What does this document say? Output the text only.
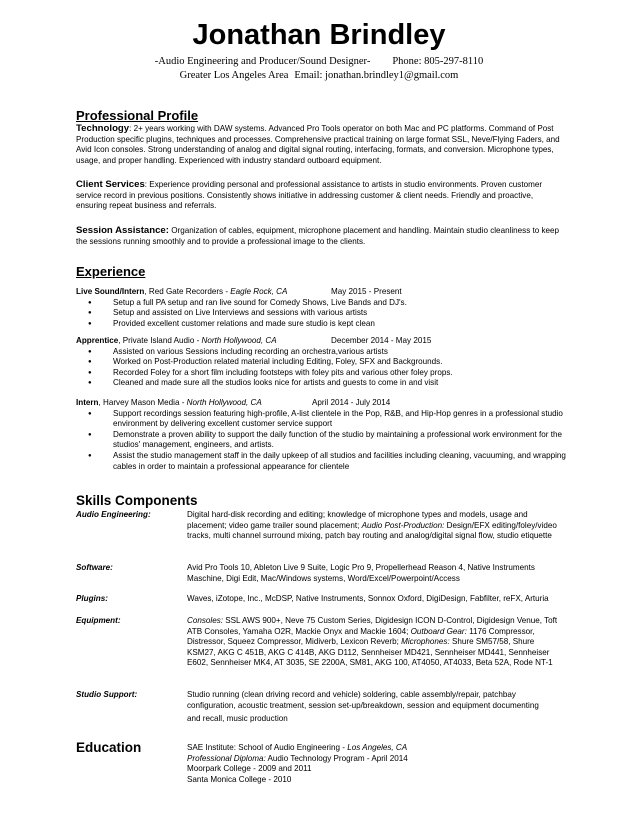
Jonathan Brindley
-Audio Engineering and Producer/Sound Designer- Phone: 805-297-8110
Greater Los Angeles Area Email: jonathan.brindley1@gmail.com
Professional Profile

Technology: 2+ years working with DAW systems. Advanced Pro Tools operator on both Mac and PC platforms. Command of Post Production specific plugins, techniques and processes. Comprehensive practical training on large format SSL, Neve/Flying Faders, and Avid Icon consoles. Strong understanding of analog and digital signal routing, interfacing, formats, and conversion. Microphone types, usage, and proper handling. Experienced with industry standard outboard equipment.

Client Services: Experience providing personal and professional assistance to artists in studio environments. Proven customer service record in previous positions. Consistently shows initiative in addressing customer & client needs. Friendly and proactive, ensuring repeat business and referrals.

Session Assistance: Organization of cables, equipment, microphone placement and handling. Maintain studio cleanliness to keep the sessions running smoothly and to provide a professional image to the clients.

Experience
Live Sound/Intern, Red Gate Recorders - Eagle Rock, CA	May 2015 - Present
● Setup a full PA setup and ran live sound for Comedy Shows, Live Bands and DJ's.
● Setup and assisted on Live Interviews and sessions with various artists
● Provided excellent customer relations and made sure studio is kept clean
Apprentice, Private Island Audio - North Hollywood, CA	December 2014 - May 2015
● Assisted on various Sessions including recording an orchestra,various artists
● Worked on Post-Production related material including Editing, Foley, SFX and Backgrounds.
● Recorded Foley for a short film including footsteps with foley pits and various other foley props.
● Cleaned and made sure all the studios looks nice for artists and guests to come in and visit
Intern, Harvey Mason Media - North Hollywood, CA	April 2014 - July 2014
● Support recordings session featuring high-profile, A-list clientele in the Pop, R&B, and Hip-Hop genres in a professional studio environment by delivering excellent customer service support
● Demonstrate a proven ability to support the daily function of the studio by maintaining a professional work environment for the studios' management, engineers, and artists.
● Assist the studio management staff in the daily upkeep of all studios and facilities including cleaning, vacuuming, and wrapping cables in order to maintain a professional appearance for clientele
Skills Components
Audio Engineering:	Digital hard-disk recording and editing; knowledge of microphone types and models, usage and placement; video game trailer sound placement; Audio Post-Production: Design/EFX editing/foley/video tracks, multi channel surround mixing, patch bay routing and analog/digital signal flow, studio etiquette
Software:	Avid Pro Tools 10, Ableton Live 9 Suite, Logic Pro 9, Propellerhead Reason 4, Native Instruments Maschine, Digi Edit, Mac/Windows systems, Word/Excel/Powerpoint/Access
Plugins:	Waves, iZotope, Inc., McDSP, Native Instruments, Sonnox Oxford, DigiDesign, Fabfilter, reFX, Arturia
Equipment:	Consoles: SSL AWS 900+, Neve 75 Custom Series, Digidesign ICON D-Control, Digidesign Venue, Toft ATB Consoles, Yamaha O2R, Mackie Onyx and Mackie 1604; Outboard Gear: 1176 Compressor, Distressor, Squeez Compressor, Midiverb, Lexicon Reverb; Microphones: Shure SM57/58, Shure KSM27, AKG C 451B, AKG C 414B, AKG D112, Sennheiser MD421, Sennheiser MD441, Sennheiser E602, Sennheiser MK4, AT 3035, SE 2200A, SM81, AKG 100, AT4050, AT4033, Beta 52A, Rode NT-1
Studio Support:	Studio running (clean driving record and vehicle) soldering, cable assembly/repair, patchbay
configuration, acoustic treatment, session set-up/breakdown, session and equipment documenting
and recall, music production
Education	SAE Institute: School of Audio Engineering - Los Angeles, CA
Professional Diploma: Audio Technology Program - April 2014
Moorpark College - 2009 and 2011
Santa Monica College - 2010
